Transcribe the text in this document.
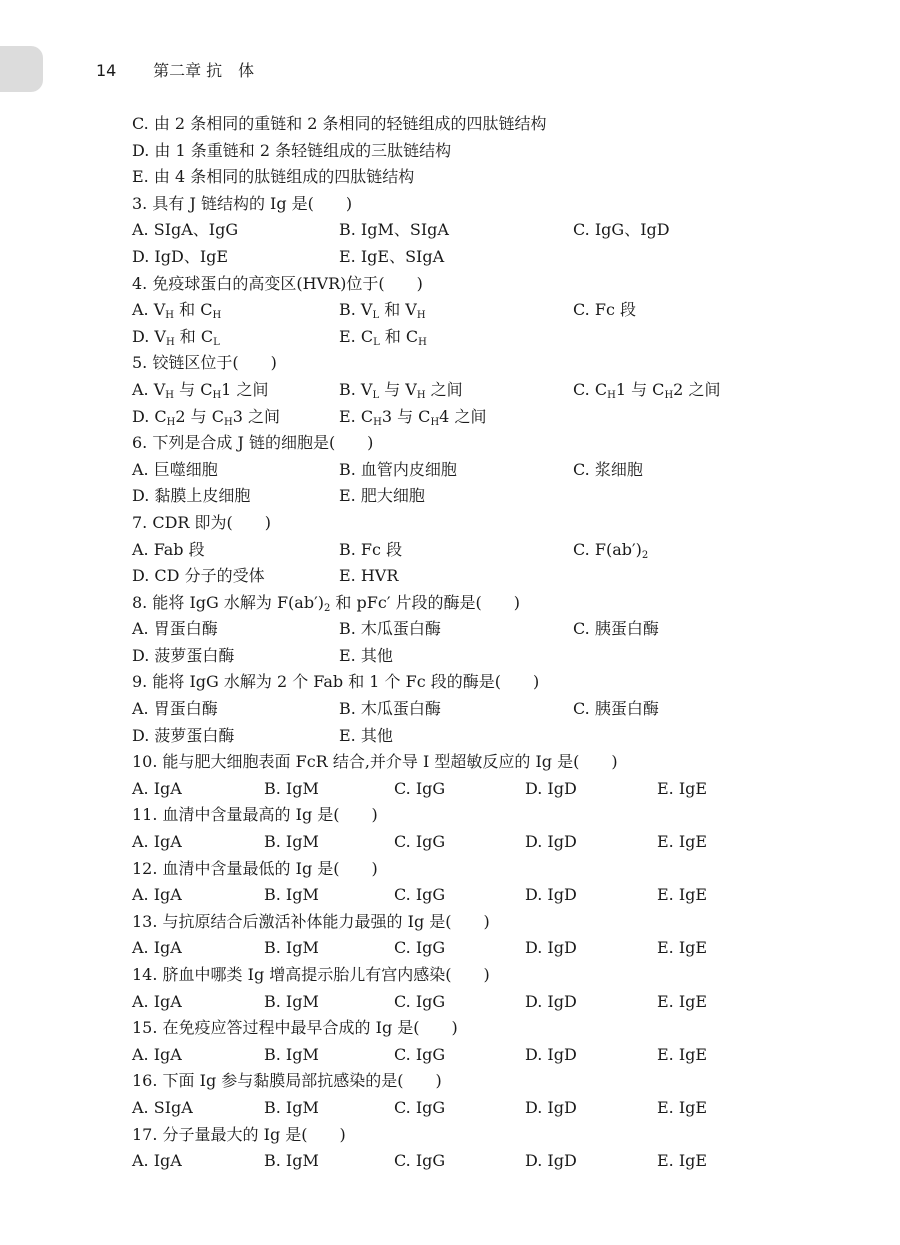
14 第二章 抗　体
C. 由 2 条相同的重链和 2 条相同的轻链组成的四肽链结构
D. 由 1 条重链和 2 条轻链组成的三肽链结构
E. 由 4 条相同的肽链组成的四肽链结构
3. 具有 J 链结构的 Ig 是(　　)
A. SIgA、IgG	B. IgM、SIgA	C. IgG、IgD
D. IgD、IgE	E. IgE、SIgA
4. 免疫球蛋白的高变区(HVR)位于(　　)
A. $V_H$ 和 $C_H$	B. $V_L$ 和 $V_H$	C. Fc 段
D. $V_H$ 和 $C_L$	E. $C_L$ 和 $C_H$
5. 铰链区位于(　　)
A. $V_H$ 与 $C_H1$ 之间	B. $V_L$ 与 $V_H$ 之间	C. $C_H1$ 与 $C_H2$ 之间
D. $C_H2$ 与 $C_H3$ 之间	E. $C_H3$ 与 $C_H4$ 之间
6. 下列是合成 J 链的细胞是(　　)
A. 巨噬细胞	B. 血管内皮细胞	C. 浆细胞
D. 黏膜上皮细胞	E. 肥大细胞
7. CDR 即为(　　)
A. Fab 段	B. Fc 段	C. $F(ab')_2$
D. CD 分子的受体	E. HVR
8. 能将 IgG 水解为 $F(ab')_2$ 和 pFc′ 片段的酶是(　　)
A. 胃蛋白酶	B. 木瓜蛋白酶	C. 胰蛋白酶
D. 菠萝蛋白酶	E. 其他
9. 能将 IgG 水解为 2 个 Fab 和 1 个 Fc 段的酶是(　　)
A. 胃蛋白酶	B. 木瓜蛋白酶	C. 胰蛋白酶
D. 菠萝蛋白酶	E. 其他
10. 能与肥大细胞表面 FcR 结合,并介导 I 型超敏反应的 Ig 是(　　)
A. IgA	B. IgM	C. IgG	D. IgD	E. IgE
11. 血清中含量最高的 Ig 是(　　)
A. IgA	B. IgM	C. IgG	D. IgD	E. IgE
12. 血清中含量最低的 Ig 是(　　)
A. IgA	B. IgM	C. IgG	D. IgD	E. IgE
13. 与抗原结合后激活补体能力最强的 Ig 是(　　)
A. IgA	B. IgM	C. IgG	D. IgD	E. IgE
14. 脐血中哪类 Ig 增高提示胎儿有宫内感染(　　)
A. IgA	B. IgM	C. IgG	D. IgD	E. IgE
15. 在免疫应答过程中最早合成的 Ig 是(　　)
A. IgA	B. IgM	C. IgG	D. IgD	E. IgE
16. 下面 Ig 参与黏膜局部抗感染的是(　　)
A. SIgA	B. IgM	C. IgG	D. IgD	E. IgE
17. 分子量最大的 Ig 是(　　)
A. IgA	B. IgM	C. IgG	D. IgD	E. IgE
